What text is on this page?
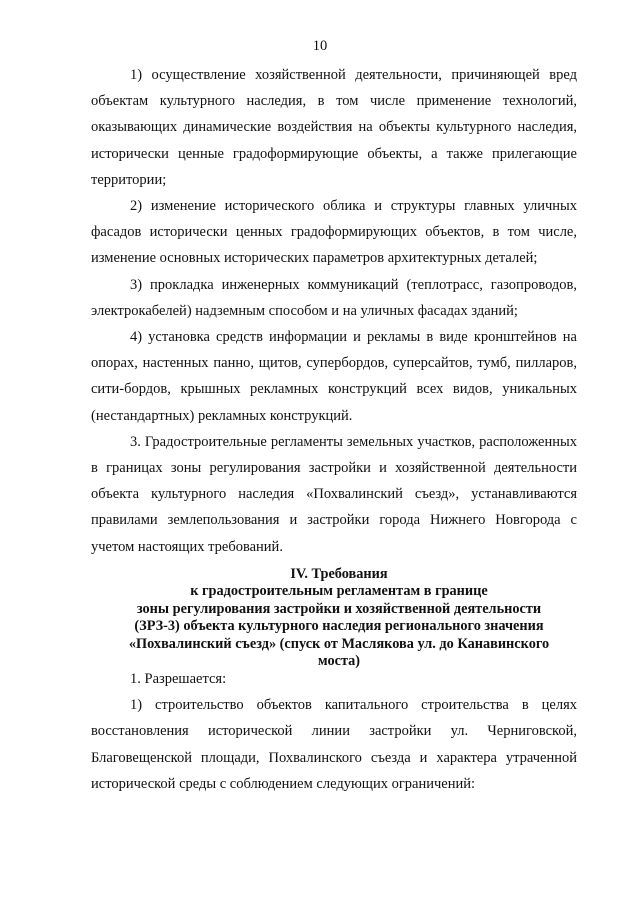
10

1) осуществление хозяйственной деятельности, причиняющей вред объектам культурного наследия, в том числе применение технологий, оказывающих динамические воздействия на объекты культурного наследия, исторически ценные градоформирующие объекты, а также прилегающие территории;

2) изменение исторического облика и структуры главных уличных фасадов исторически ценных градоформирующих объектов, в том числе, изменение основных исторических параметров архитектурных деталей;

3) прокладка инженерных коммуникаций (теплотрасс, газопроводов, электрокабелей) надземным способом и на уличных фасадах зданий;

4) установка средств информации и рекламы в виде кронштейнов на опорах, настенных панно, щитов, супербордов, суперсайтов, тумб, пилларов, сити-бордов, крышных рекламных конструкций всех видов, уникальных (нестандартных) рекламных конструкций.

3. Градостроительные регламенты земельных участков, расположенных в границах зоны регулирования застройки и хозяйственной деятельности объекта культурного наследия «Похвалинский съезд», устанавливаются правилами землепользования и застройки города Нижнего Новгорода с учетом настоящих требований.

IV. Требования
к градостроительным регламентам в границе
зоны регулирования застройки и хозяйственной деятельности
(ЗРЗ-3) объекта культурного наследия регионального значения
«Похвалинский съезд» (спуск от Маслякова ул. до Канавинского
моста)

1. Разрешается:

1) строительство объектов капитального строительства в целях восстановления исторической линии застройки ул. Черниговской, Благовещенской площади, Похвалинского съезда и характера утраченной исторической среды с соблюдением следующих ограничений:
